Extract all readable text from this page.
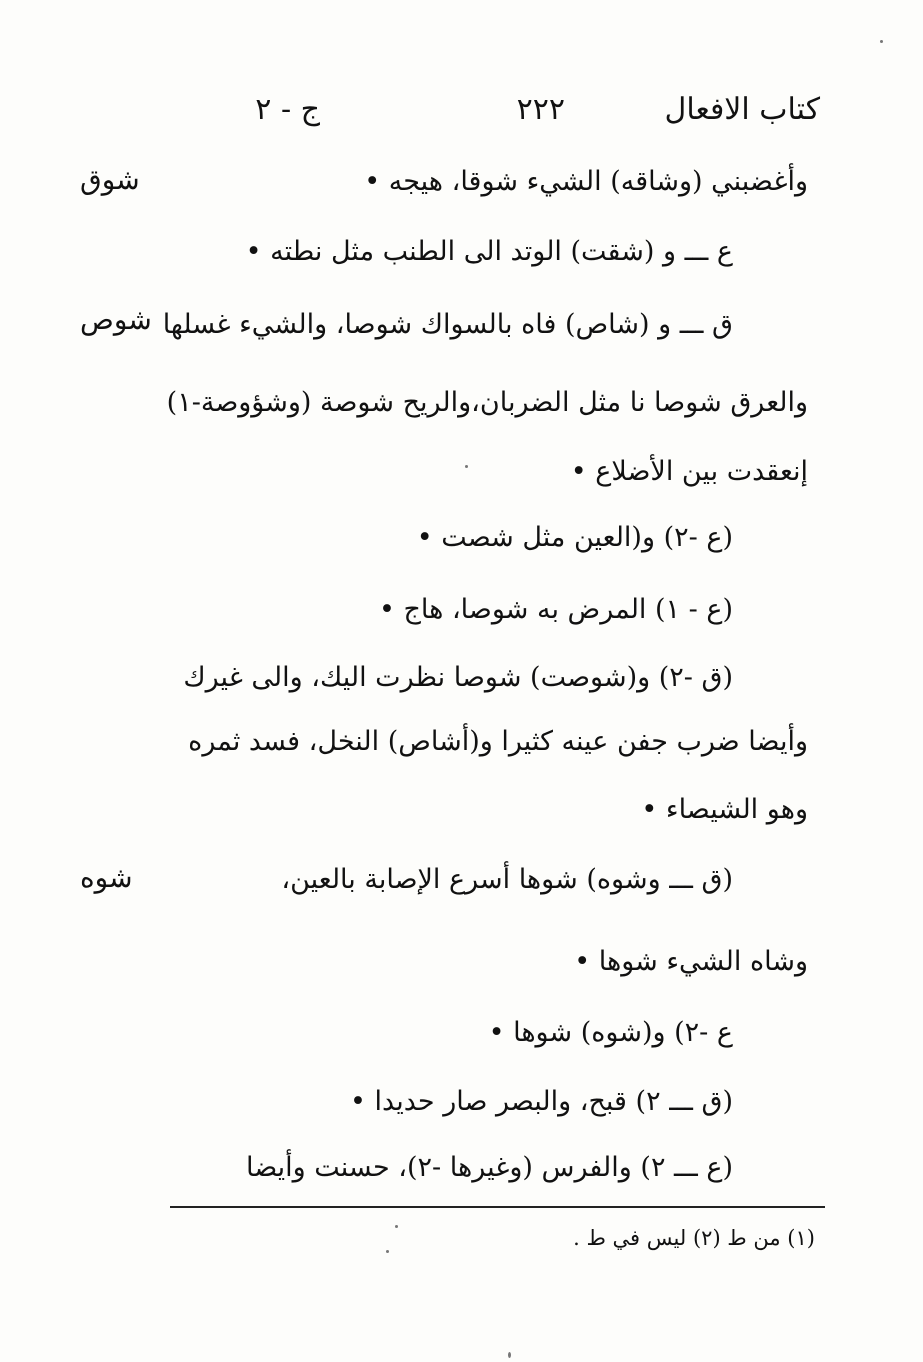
كتاب الافعال
٢٢٢
ج - ٢
شوق
شوص
شوه
وأغضبني (وشاقه) الشيء شوقا، هيجه •
ع ـــ و (شقت) الوتد الى الطنب مثل نطته •
ق ـــ و (شاص) فاه بالسواك شوصا، والشيء غسلها
والعرق شوصا نا مثل الضربان،والريح شوصة (وشؤوصة-١)
إنعقدت بين الأضلاع •
(ع -٢) و(العين مثل شصت •
(ع - ١) المرض به شوصا، هاج •
(ق -٢) و(شوصت) شوصا نظرت اليك، والى غيرك
وأيضا ضرب جفن عينه كثيرا و(أشاص) النخل، فسد ثمره
وهو الشيصاء •
(ق ـــ وشوه) شوها أسرع الإصابة بالعين،
وشاه الشيء شوها •
ع -٢) و(شوه) شوها •
(ق ـــ ٢) قبح، والبصر صار حديدا •
(ع ـــ ٢) والفرس (وغيرها -٢)، حسنت وأيضا
(١) من ط (٢) ليس في ط .
